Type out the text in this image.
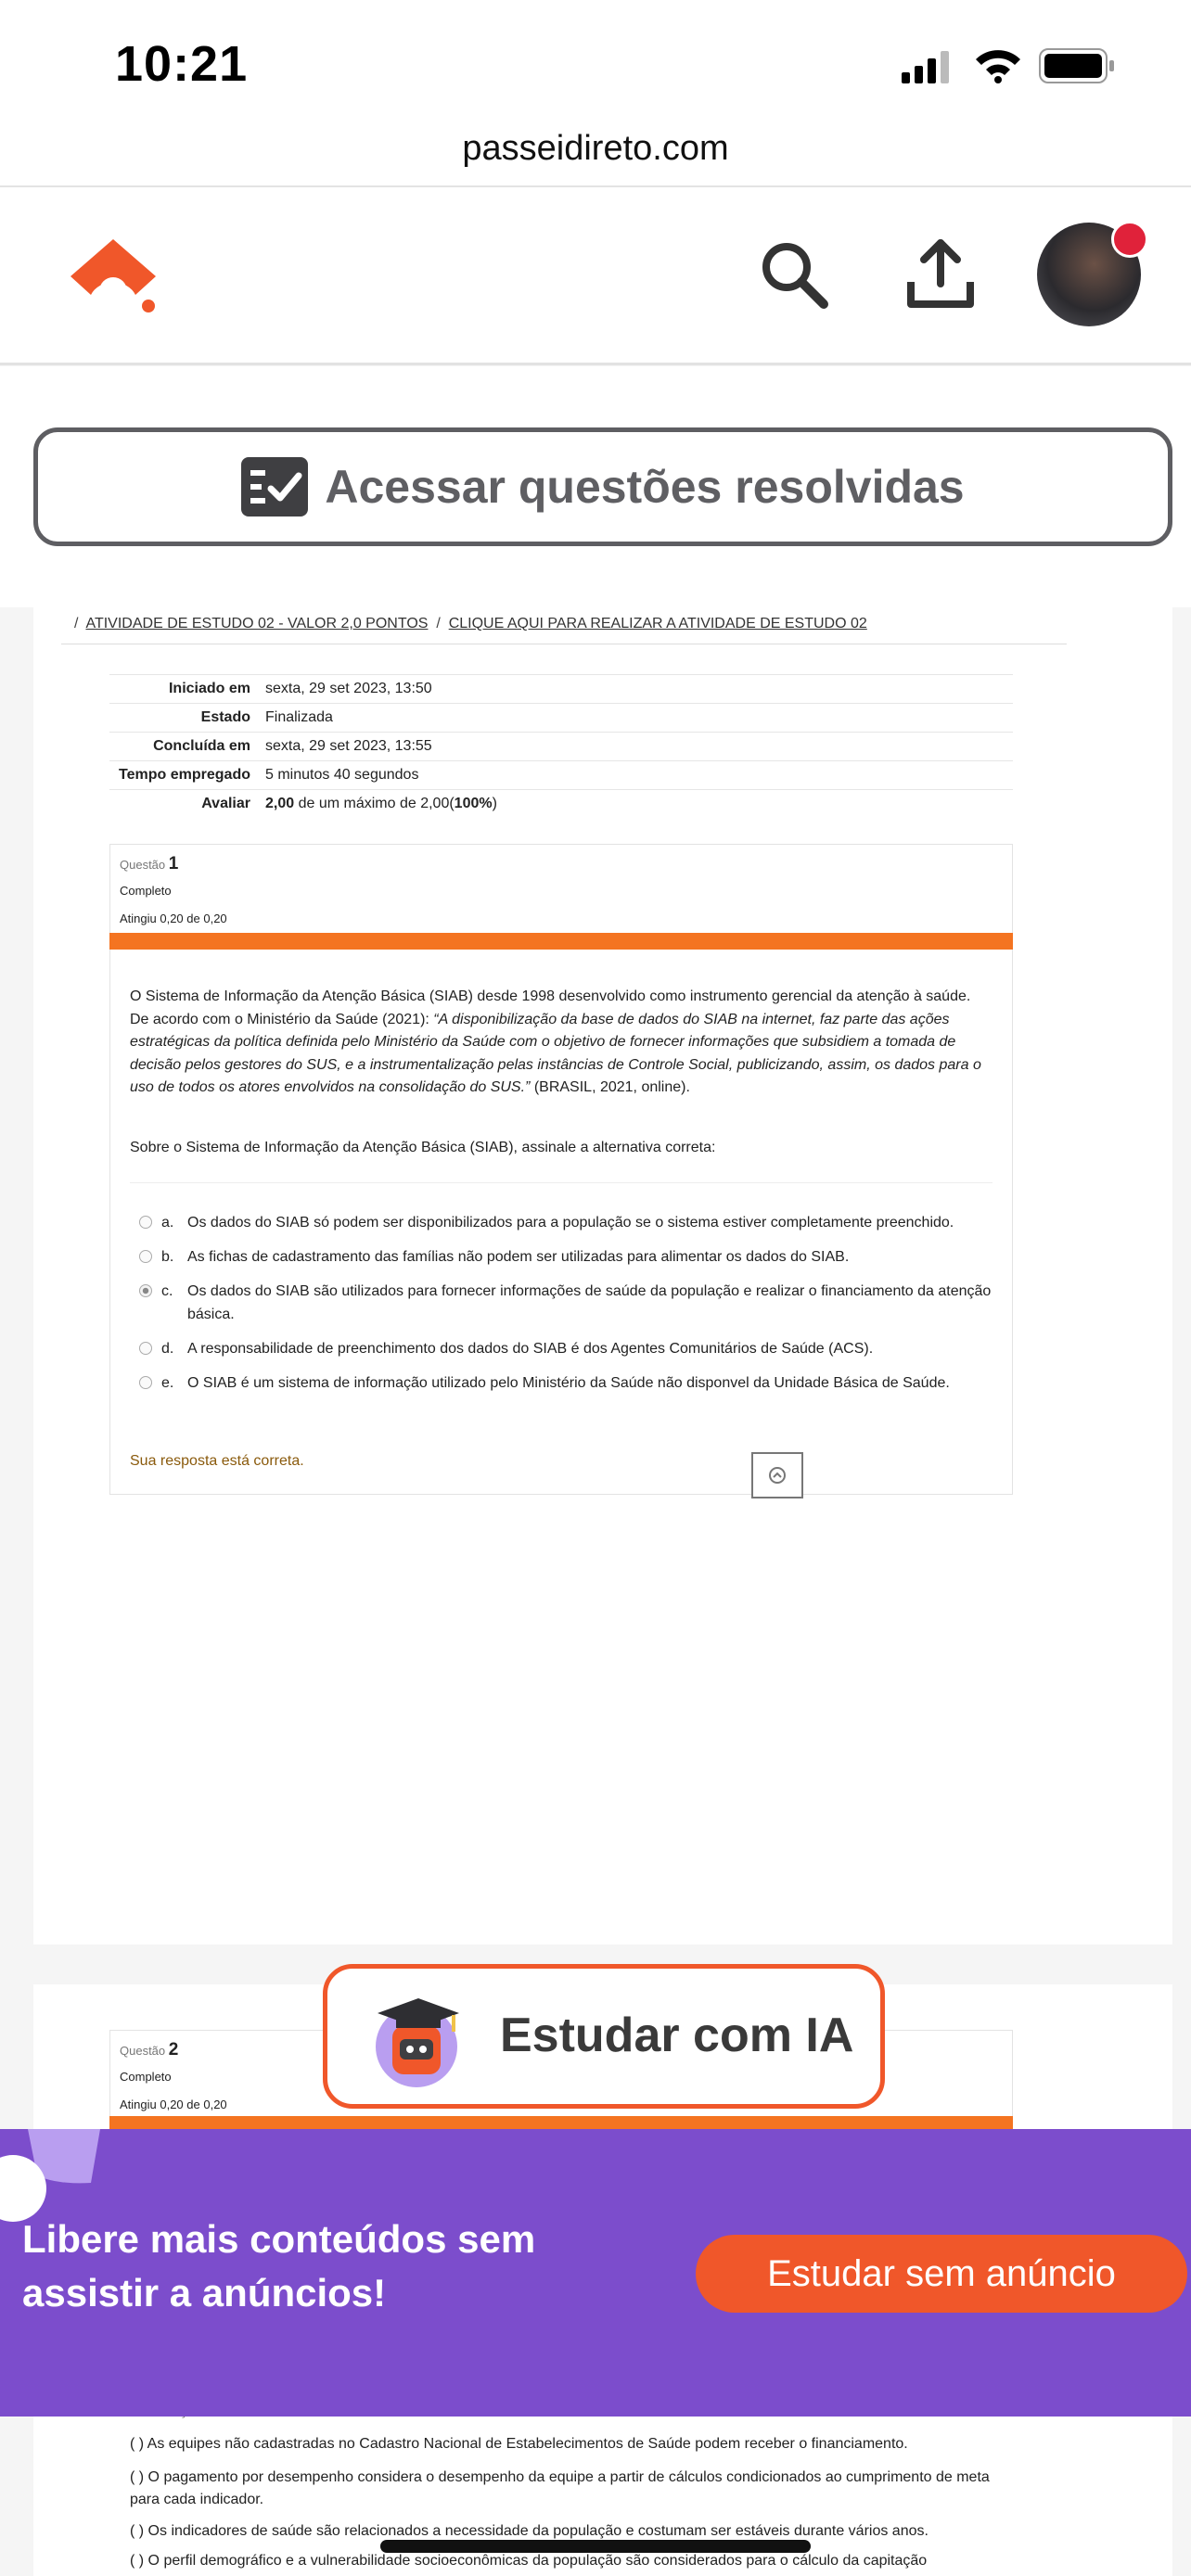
10:21
passeidireto.com
Acessar questões resolvidas
/ ATIVIDADE DE ESTUDO 02 - VALOR 2,0 PONTOS / CLIQUE AQUI PARA REALIZAR A ATIVIDADE DE ESTUDO 02
Iniciado em	sexta, 29 set 2023, 13:50
Estado	Finalizada
Concluída em	sexta, 29 set 2023, 13:55
Tempo empregado	5 minutos 40 segundos
Avaliar	2,00 de um máximo de 2,00(100%)
Questão 1
Completo
Atingiu 0,20 de 0,20
O Sistema de Informação da Atenção Básica (SIAB) desde 1998 desenvolvido como instrumento gerencial da atenção à saúde. De acordo com o Ministério da Saúde (2021): “A disponibilização da base de dados do SIAB na internet, faz parte das ações estratégicas da política definida pelo Ministério da Saúde com o objetivo de fornecer informações que subsidiem a tomada de decisão pelos gestores do SUS, e a instrumentalização pelas instâncias de Controle Social, publicizando, assim, os dados para o uso de todos os atores envolvidos na consolidação do SUS.” (BRASIL, 2021, online).
Sobre o Sistema de Informação da Atenção Básica (SIAB), assinale a alternativa correta:
a. Os dados do SIAB só podem ser disponibilizados para a população se o sistema estiver completamente preenchido.
b. As fichas de cadastramento das famílias não podem ser utilizadas para alimentar os dados do SIAB.
c. Os dados do SIAB são utilizados para fornecer informações de saúde da população e realizar o financiamento da atenção básica.
d. A responsabilidade de preenchimento dos dados do SIAB é dos Agentes Comunitários de Saúde (ACS).
e. O SIAB é um sistema de informação utilizado pelo Ministério da Saúde não disponvel da Unidade Básica de Saúde.
Sua resposta está correta.
Questão 2
Completo
Atingiu 0,20 de 0,20
( ) As equipes não cadastradas no Cadastro Nacional de Estabelecimentos de Saúde podem receber o financiamento.
( ) O pagamento por desempenho considera o desempenho da equipe a partir de cálculos condicionados ao cumprimento de meta para cada indicador.
( ) Os indicadores de saúde são relacionados a necessidade da população e costumam ser estáveis durante vários anos.
( ) O perfil demográfico e a vulnerabilidade socioeconômicas da população são considerados para o cálculo da capitação
Libere mais conteúdos sem assistir a anúncios!	Estudar sem anúncio
Estudar com IA
